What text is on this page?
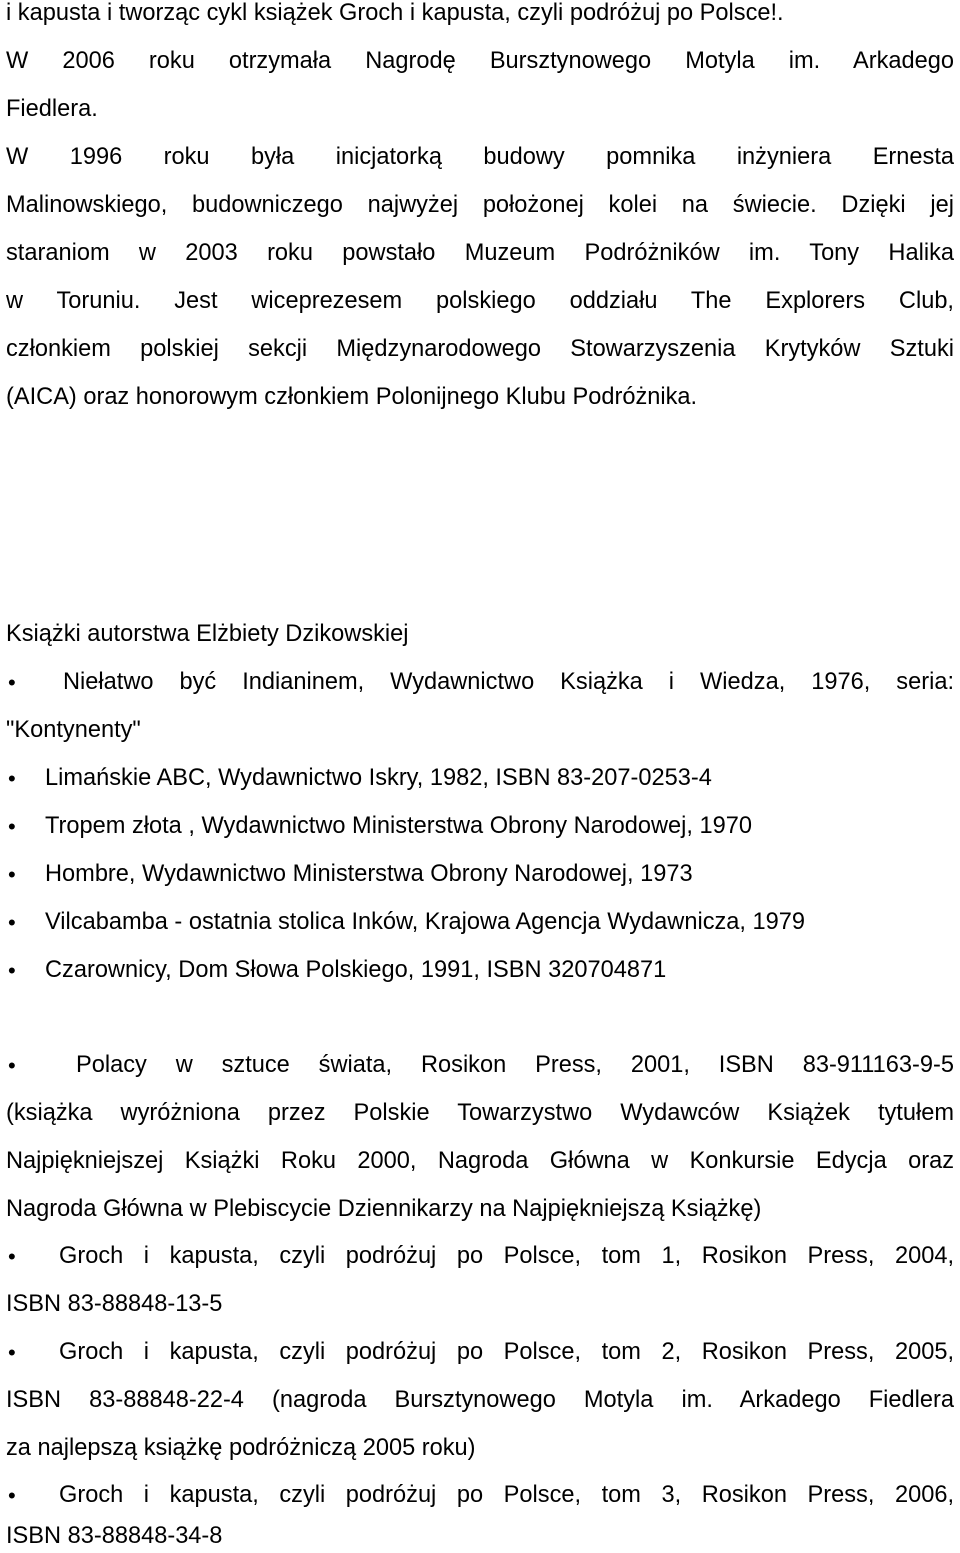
i kapusta i tworząc cykl książek Groch i kapusta, czyli podróżuj po Polsce!.
W 2006 roku otrzymała Nagrodę Bursztynowego Motyla im. Arkadego
Fiedlera.
W 1996 roku była inicjatorką budowy pomnika inżyniera Ernesta
Malinowskiego, budowniczego najwyżej położonej kolei na świecie. Dzięki jej
staraniom w 2003 roku powstało Muzeum Podróżników im. Tony Halika
w Toruniu. Jest wiceprezesem polskiego oddziału The Explorers Club,
członkiem polskiej sekcji Międzynarodowego Stowarzyszenia Krytyków Sztuki
(AICA) oraz honorowym członkiem Polonijnego Klubu Podróżnika.
Książki autorstwa Elżbiety Dzikowskiej
• Niełatwo być Indianinem, Wydawnictwo Książka i Wiedza, 1976, seria:
"Kontynenty"
• Limańskie ABC, Wydawnictwo Iskry, 1982, ISBN 83-207-0253-4
• Tropem złota , Wydawnictwo Ministerstwa Obrony Narodowej, 1970
• Hombre, Wydawnictwo Ministerstwa Obrony Narodowej, 1973
• Vilcabamba - ostatnia stolica Inków, Krajowa Agencja Wydawnicza, 1979
• Czarownicy, Dom Słowa Polskiego, 1991, ISBN 320704871
•	Polacy w sztuce świata, Rosikon Press, 2001, ISBN 83-911163-9-5
(książka wyróżniona przez Polskie Towarzystwo Wydawców Książek tytułem
Najpiękniejszej Książki Roku 2000, Nagroda Główna w Konkursie Edycja oraz
Nagroda Główna w Plebiscycie Dziennikarzy na Najpiękniejszą Książkę)
• Groch i kapusta, czyli podróżuj po Polsce, tom 1, Rosikon Press, 2004,
ISBN 83-88848-13-5
• Groch i kapusta, czyli podróżuj po Polsce, tom 2, Rosikon Press, 2005,
ISBN 83-88848-22-4 (nagroda Bursztynowego Motyla im. Arkadego Fiedlera
za najlepszą książkę podróżniczą 2005 roku)
• Groch i kapusta, czyli podróżuj po Polsce, tom 3, Rosikon Press, 2006,
ISBN 83-88848-34-8
